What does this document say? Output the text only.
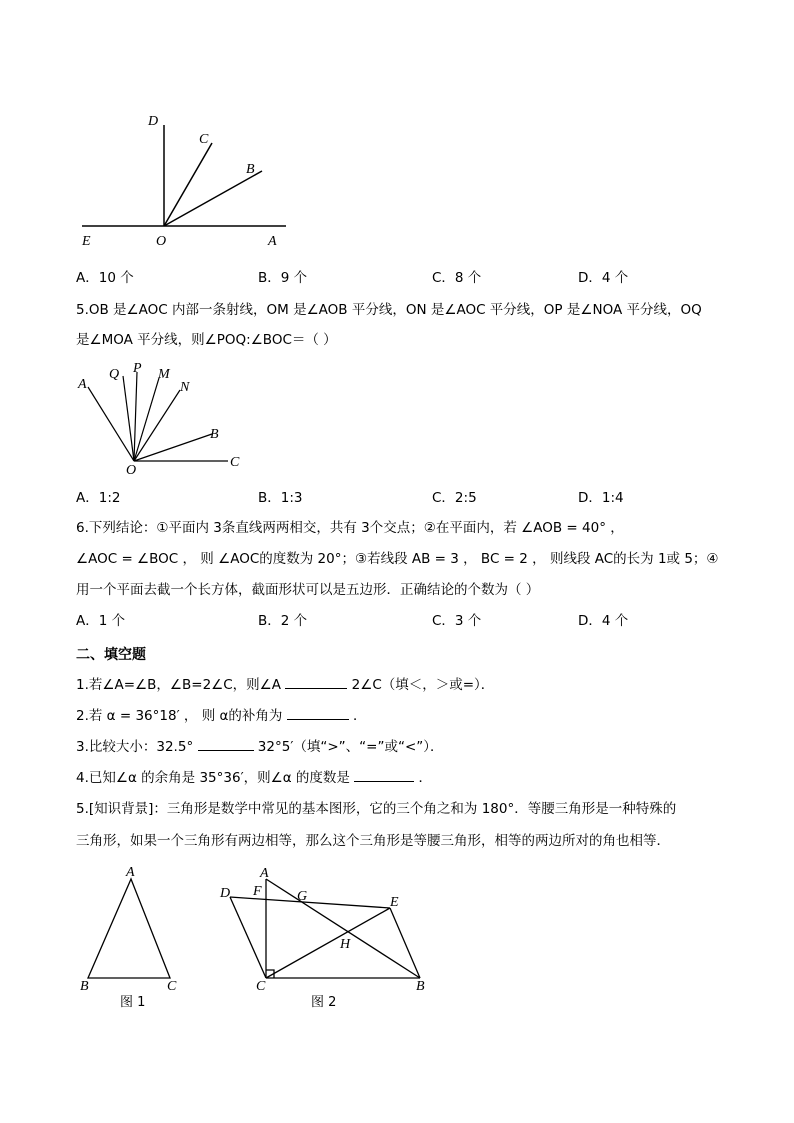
D
C
B
E	O	A
A．10 个	B．9 个	C．8 个	D．4 个
5.OB 是∠AOC 内部一条射线，OM 是∠AOB 平分线，ON 是∠AOC 平分线，OP 是∠NOA 平分线，OQ
是∠MOA 平分线，则∠POQ:∠BOC＝（ ）
A
Q P M
N
B
O
C
A．1:2	B．1:3	C．2:5	D．1:4
6.下列结论：①平面内 3条直线两两相交，共有 3个交点；②在平面内，若 ∠AOB = 40° ，
∠AOC = ∠BOC ， 则 ∠AOC的度数为 20°；③若线段 AB = 3 ， BC = 2 ， 则线段 AC的长为 1或 5；④
用一个平面去截一个长方体，截面形状可以是五边形．正确结论的个数为（ ）
A．1 个	B．2 个	C．3 个	D．4 个
二、填空题
1.若∠A=∠B，∠B=2∠C，则∠A	2∠C（填＜，＞或=）．
2.若 α = 36°18′ ， 则 α的补角为	．
3.比较大小：32.5°	32°5′（填“>”、“=”或“<”）．
4.已知∠α 的余角是 35°36′，则∠α 的度数是	．
5.[知识背景]：三角形是数学中常见的基本图形，它的三个角之和为 180°．等腰三角形是一种特殊的
三角形，如果一个三角形有两边相等，那么这个三角形是等腰三角形，相等的两边所对的角也相等．
A
B	C
图 1
A
D F	G	E
H
C	B
图 2
